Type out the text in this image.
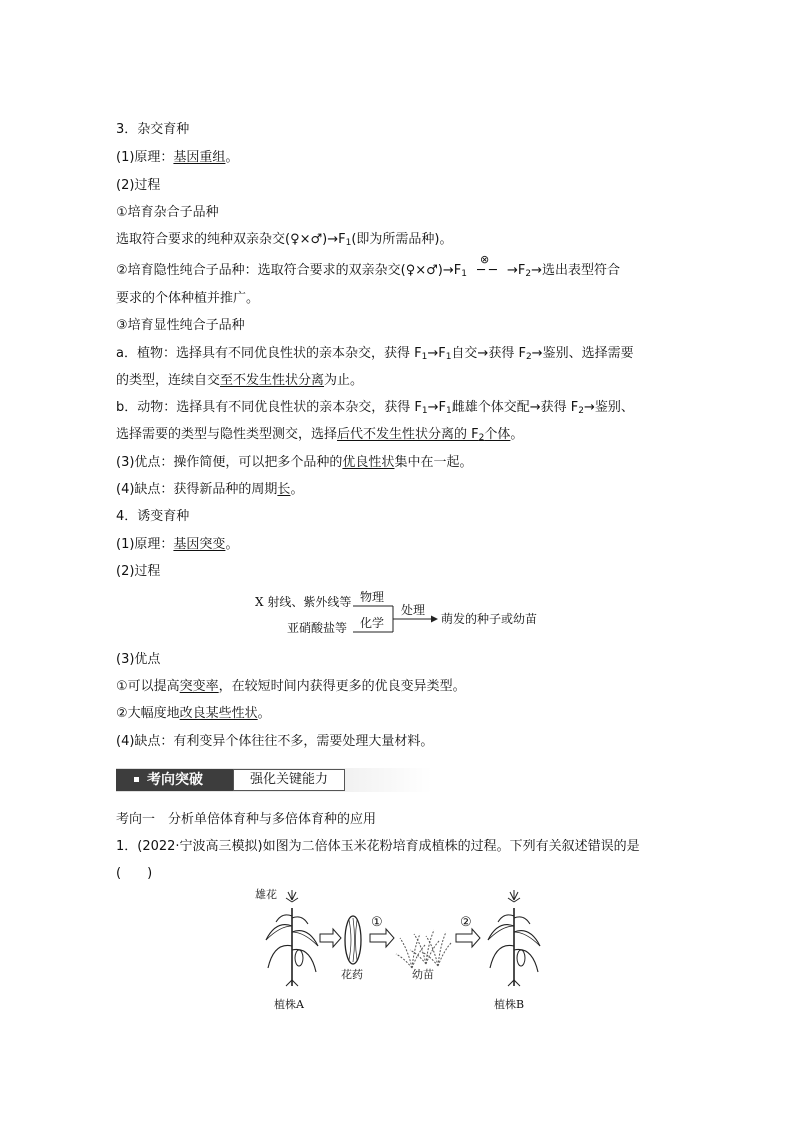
3．杂交育种
(1)原理：基因重组。
(2)过程
①培育杂合子品种
选取符合要求的纯种双亲杂交$(♀\times♂)\to F_1$(即为所需品种)。
②培育隐性纯合子品种：选取符合要求的双亲杂交$(♀\times♂)\to F_1$
⊗
─ ─ $\to F_2\to$选出表型符合
要求的个体种植并推广。
③培育显性纯合子品种
a．植物：选择具有不同优良性状的亲本杂交，获得 $F_1\to F_1$自交→获得 $F_2\to$鉴别、选择需要
的类型，连续自交至不发生性状分离为止。
b．动物：选择具有不同优良性状的亲本杂交，获得 $F_1\to F_1$雌雄个体交配→获得 $F_2\to$鉴别、
选择需要的类型与隐性类型测交，选择后代不发生性状分离的 $F_2$个体。
(3)优点：操作简便，可以把多个品种的优良性状集中在一起。
(4)缺点：获得新品种的周期长。
4．诱变育种
(1)原理：基因突变。
(2)过程
X 射线、紫外线等 物理
亚硝酸盐等 化学
处理
萌发的种子或幼苗
(3)优点
①可以提高突变率，在较短时间内获得更多的优良变异类型。
②大幅度地改良某些性状。
(4)缺点：有利变异个体往往不多，需要处理大量材料。
考向突破	强化关键能力
考向一　分析单倍体育种与多倍体育种的应用
1．(2022·宁波高三模拟)如图为二倍体玉米花粉培育成植株的过程。下列有关叙述错误的是
(　　)
雄花
植株A
花药
①
幼苗
②
植株B
